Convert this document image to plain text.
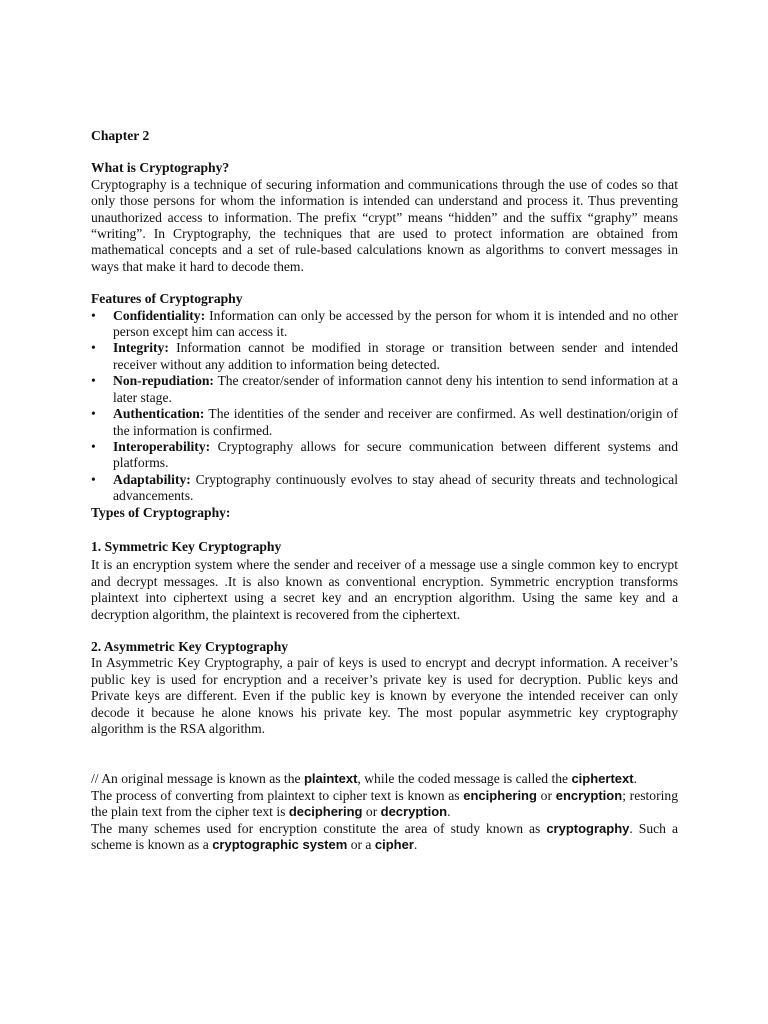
Chapter 2

What is Cryptography?

Cryptography is a technique of securing information and communications through the use of codes so that only those persons for whom the information is intended can understand and process it. Thus preventing unauthorized access to information. The prefix “crypt” means “hidden” and the suffix “graphy” means “writing”. In Cryptography, the techniques that are used to protect information are obtained from mathematical concepts and a set of rule-based calculations known as algorithms to convert messages in ways that make it hard to decode them.

Features of Cryptography

• Confidentiality: Information can only be accessed by the person for whom it is intended and no other person except him can access it.
• Integrity: Information cannot be modified in storage or transition between sender and intended receiver without any addition to information being detected.
• Non-repudiation: The creator/sender of information cannot deny his intention to send information at a later stage.
• Authentication: The identities of the sender and receiver are confirmed. As well destination/origin of the information is confirmed.
• Interoperability: Cryptography allows for secure communication between different systems and platforms.
• Adaptability: Cryptography continuously evolves to stay ahead of security threats and technological advancements.

Types of Cryptography:

1. Symmetric Key Cryptography

It is an encryption system where the sender and receiver of a message use a single common key to encrypt and decrypt messages. .It is also known as conventional encryption. Symmetric encryption transforms plaintext into ciphertext using a secret key and an encryption algorithm. Using the same key and a decryption algorithm, the plaintext is recovered from the ciphertext.

2. Asymmetric Key Cryptography

In Asymmetric Key Cryptography, a pair of keys is used to encrypt and decrypt information. A receiver’s public key is used for encryption and a receiver’s private key is used for decryption. Public keys and Private keys are different. Even if the public key is known by everyone the intended receiver can only decode it because he alone knows his private key. The most popular asymmetric key cryptography algorithm is the RSA algorithm.

// An original message is known as the plaintext, while the coded message is called the ciphertext.

The process of converting from plaintext to cipher text is known as enciphering or encryption; restoring the plain text from the cipher text is deciphering or decryption.

The many schemes used for encryption constitute the area of study known as cryptography. Such a scheme is known as a cryptographic system or a cipher.
